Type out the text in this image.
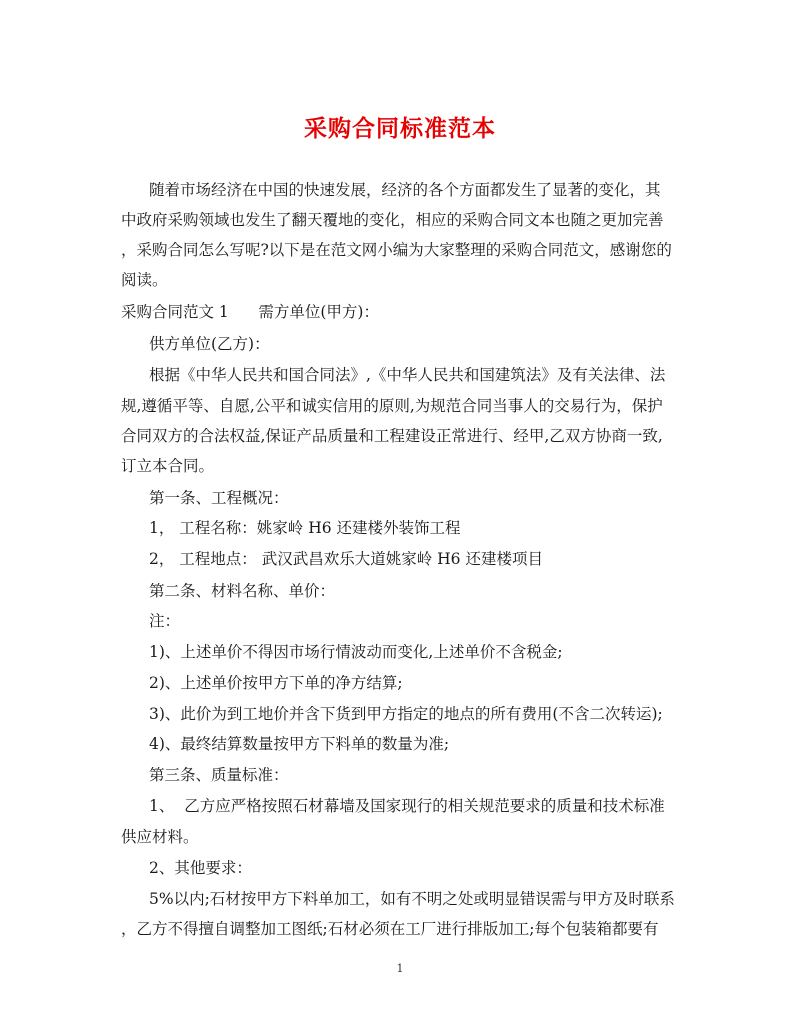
采购合同标准范本
随着市场经济在中国的快速发展，经济的各个方面都发生了显著的变化，其
中政府采购领域也发生了翻天覆地的变化，相应的采购合同文本也随之更加完善
，采购合同怎么写呢?以下是在范文网小编为大家整理的采购合同范文，感谢您的
阅读。
采购合同范文 1      需方单位(甲方)：
供方单位(乙方)：
根据《中华人民共和国合同法》,《中华人民共和国建筑法》及有关法律、法
规,遵循平等、自愿,公平和诚实信用的原则,为规范合同当事人的交易行为，保护
合同双方的合法权益,保证产品质量和工程建设正常进行、经甲,乙双方协商一致,
订立本合同。
第一条、工程概况：
1， 工程名称：姚家岭 H6 还建楼外装饰工程
2， 工程地点： 武汉武昌欢乐大道姚家岭 H6 还建楼项目
第二条、材料名称、单价：
注：
1)、上述单价不得因市场行情波动而变化,上述单价不含税金;
2)、上述单价按甲方下单的净方结算;
3)、此价为到工地价并含下货到甲方指定的地点的所有费用(不含二次转运);
4)、最终结算数量按甲方下料单的数量为准;
第三条、质量标准：
1、  乙方应严格按照石材幕墙及国家现行的相关规范要求的质量和技术标准
供应材料。
2、其他要求：
5%以内;石材按甲方下料单加工，如有不明之处或明显错误需与甲方及时联系
，乙方不得擅自调整加工图纸;石材必须在工厂进行排版加工;每个包装箱都要有
1
